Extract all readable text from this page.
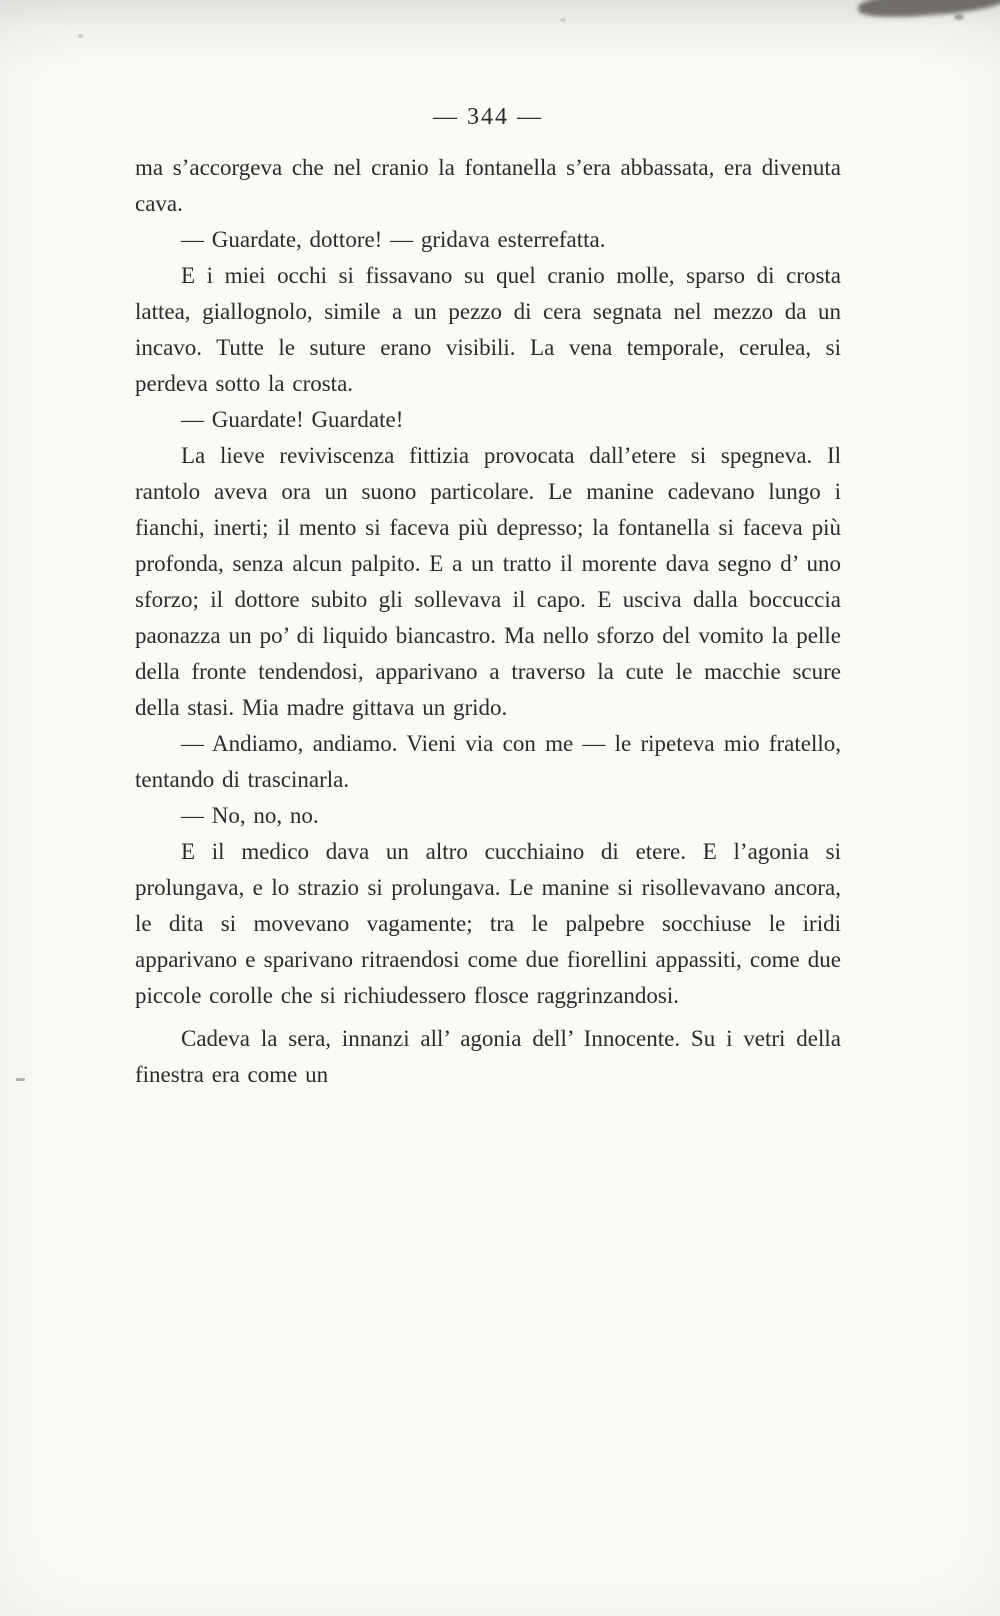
— 344 —

ma s’accorgeva che nel cranio la fontanella s’era abbassata, era divenuta cava.

— Guardate, dottore! — gridava esterrefatta.

E i miei occhi si fissavano su quel cranio molle, sparso di crosta lattea, giallognolo, simile a un pezzo di cera segnata nel mezzo da un incavo. Tutte le suture erano visibili. La vena temporale, cerulea, si perdeva sotto la crosta.

— Guardate! Guardate!

La lieve reviviscenza fittizia provocata dall’etere si spegneva. Il rantolo aveva ora un suono particolare. Le manine cadevano lungo i fianchi, inerti; il mento si faceva più depresso; la fontanella si faceva più profonda, senza alcun palpito. E a un tratto il morente dava segno d’ uno sforzo; il dottore subito gli sollevava il capo. E usciva dalla boccuccia paonazza un po’ di liquido biancastro. Ma nello sforzo del vomito la pelle della fronte tendendosi, apparivano a traverso la cute le macchie scure della stasi. Mia madre gittava un grido.

— Andiamo, andiamo. Vieni via con me — le ripeteva mio fratello, tentando di trascinarla.

— No, no, no.

E il medico dava un altro cucchiaino di etere. E l’agonia si prolungava, e lo strazio si prolungava. Le manine si risollevavano ancora, le dita si movevano vagamente; tra le palpebre socchiuse le iridi apparivano e sparivano ritraendosi come due fiorellini appassiti, come due piccole corolle che si richiudessero flosce raggrinzandosi.

Cadeva la sera, innanzi all’ agonia dell’ Innocente. Su i vetri della finestra era come un
